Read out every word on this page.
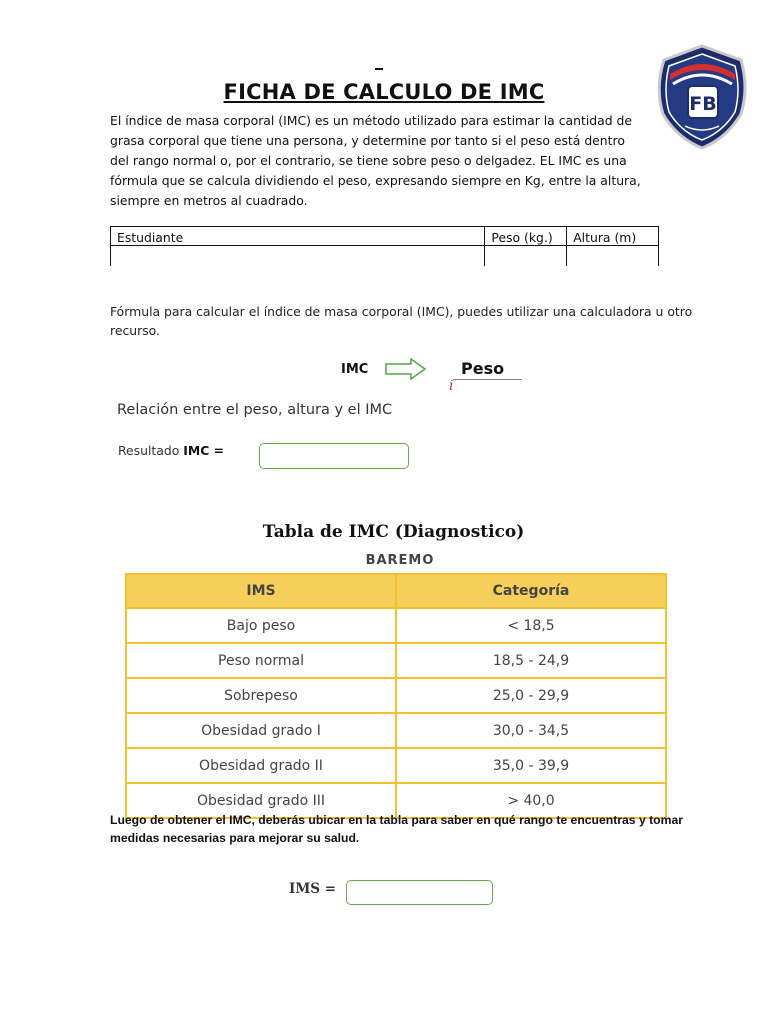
FICHA DE CALCULO DE IMC	FB
El índice de masa corporal (IMC) es un método utilizado para estimar la cantidad de grasa corporal que tiene una persona, y determine por tanto si el peso está dentro del rango normal o, por el contrario, se tiene sobre peso o delgadez. EL IMC es una fórmula que se calcula dividiendo el peso, expresando siempre en Kg, entre la altura, siempre en metros al cuadrado.
Estudiante	Peso (kg.)	Altura (m)

Fórmula para calcular el índice de masa corporal (IMC), puedes utilizar una calculadora u otro recurso.
IMC	Peso
ⅰ
Relación entre el peso, altura y el IMC
Resultado IMC =
Tabla de IMC (Diagnostico)
BAREMO
IMS	Categoría
Bajo peso	< 18,5
Peso normal	18,5 - 24,9
Sobrepeso	25,0 - 29,9
Obesidad grado I	30,0 - 34,5
Obesidad grado II	35,0 - 39,9
Obesidad grado III	> 40,0
Luego de obtener el IMC, deberás ubicar en la tabla para saber en qué rango te encuentras y tomar medidas necesarias para mejorar su salud.
IMS =
